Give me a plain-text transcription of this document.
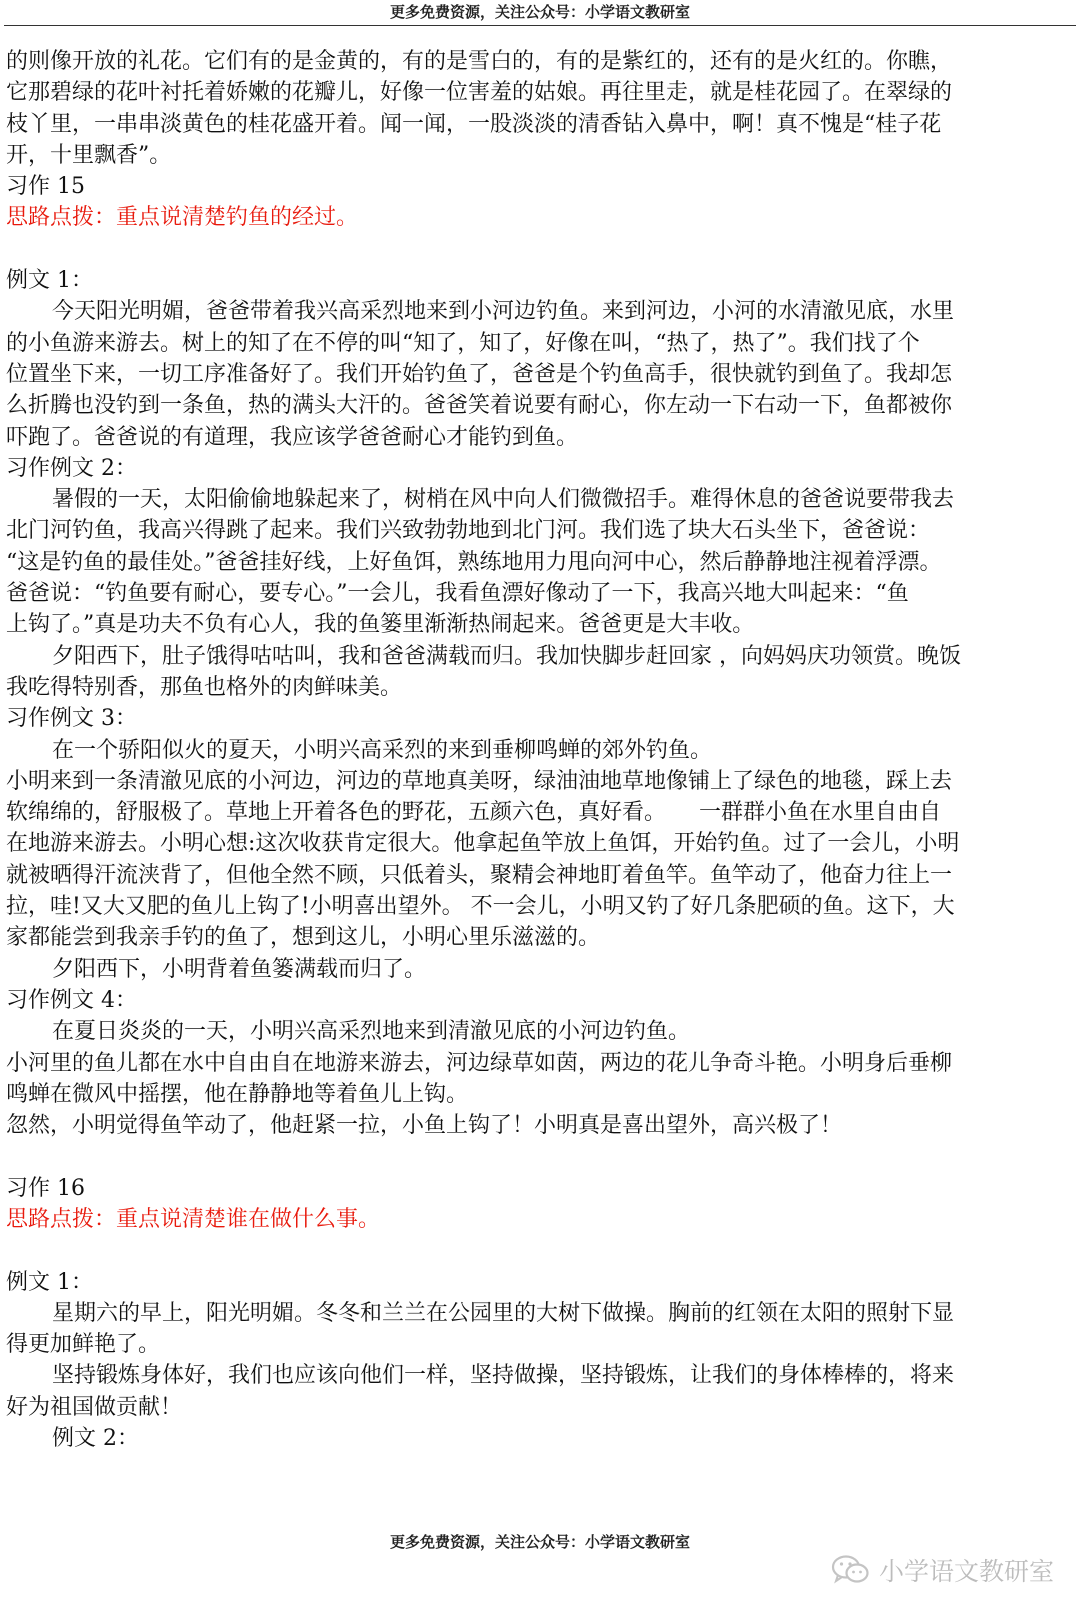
更多免费资源，关注公众号：小学语文教研室
的则像开放的礼花。它们有的是金黄的，有的是雪白的，有的是紫红的，还有的是火红的。你瞧，
它那碧绿的花叶衬托着娇嫩的花瓣儿，好像一位害羞的姑娘。再往里走，就是桂花园了。在翠绿的
枝丫里，一串串淡黄色的桂花盛开着。闻一闻，一股淡淡的清香钻入鼻中，啊！真不愧是“桂子花
开，十里飘香”。
习作 15
思路点拨：重点说清楚钓鱼的经过。
例文 1：
今天阳光明媚，爸爸带着我兴高采烈地来到小河边钓鱼。来到河边，小河的水清澈见底，水里
的小鱼游来游去。树上的知了在不停的叫“知了，知了，好像在叫，“热了，热了”。我们找了个
位置坐下来，一切工序准备好了。我们开始钓鱼了，爸爸是个钓鱼高手，很快就钓到鱼了。我却怎
么折腾也没钓到一条鱼，热的满头大汗的。爸爸笑着说要有耐心，你左动一下右动一下，鱼都被你
吓跑了。爸爸说的有道理，我应该学爸爸耐心才能钓到鱼。
习作例文 2：
暑假的一天，太阳偷偷地躲起来了，树梢在风中向人们微微招手。难得休息的爸爸说要带我去
北门河钓鱼，我高兴得跳了起来。我们兴致勃勃地到北门河。我们选了块大石头坐下，爸爸说：
“这是钓鱼的最佳处。”爸爸挂好线，上好鱼饵，熟练地用力甩向河中心，然后静静地注视着浮漂。
爸爸说：“钓鱼要有耐心，要专心。”一会儿，我看鱼漂好像动了一下，我高兴地大叫起来：“鱼
上钩了。”真是功夫不负有心人，我的鱼篓里渐渐热闹起来。爸爸更是大丰收。
夕阳西下，肚子饿得咕咕叫，我和爸爸满载而归。我加快脚步赶回家 ，向妈妈庆功领赏。晚饭
我吃得特别香，那鱼也格外的肉鲜味美。
习作例文 3：
在一个骄阳似火的夏天，小明兴高采烈的来到垂柳鸣蝉的郊外钓鱼。
小明来到一条清澈见底的小河边，河边的草地真美呀，绿油油地草地像铺上了绿色的地毯，踩上去
软绵绵的，舒服极了。草地上开着各色的野花，五颜六色，真好看。　　一群群小鱼在水里自由自
在地游来游去。小明心想:这次收获肯定很大。他拿起鱼竿放上鱼饵，开始钓鱼。过了一会儿，小明
就被晒得汗流浃背了，但他全然不顾，只低着头，聚精会神地盯着鱼竿。鱼竿动了，他奋力往上一
拉，哇!又大又肥的鱼儿上钩了!小明喜出望外。 不一会儿，小明又钓了好几条肥硕的鱼。这下，大
家都能尝到我亲手钓的鱼了，想到这儿，小明心里乐滋滋的。
夕阳西下，小明背着鱼篓满载而归了。
习作例文 4：
在夏日炎炎的一天，小明兴高采烈地来到清澈见底的小河边钓鱼。
小河里的鱼儿都在水中自由自在地游来游去，河边绿草如茵，两边的花儿争奇斗艳。小明身后垂柳
鸣蝉在微风中摇摆，他在静静地等着鱼儿上钩。
忽然，小明觉得鱼竿动了，他赶紧一拉，小鱼上钩了！小明真是喜出望外，高兴极了！
习作 16
思路点拨：重点说清楚谁在做什么事。
例文 1：
星期六的早上，阳光明媚。冬冬和兰兰在公园里的大树下做操。胸前的红领在太阳的照射下显
得更加鲜艳了。
坚持锻炼身体好，我们也应该向他们一样，坚持做操，坚持锻炼，让我们的身体棒棒的，将来
好为祖国做贡献！
例文 2：
更多免费资源，关注公众号：小学语文教研室
小学语文教研室
